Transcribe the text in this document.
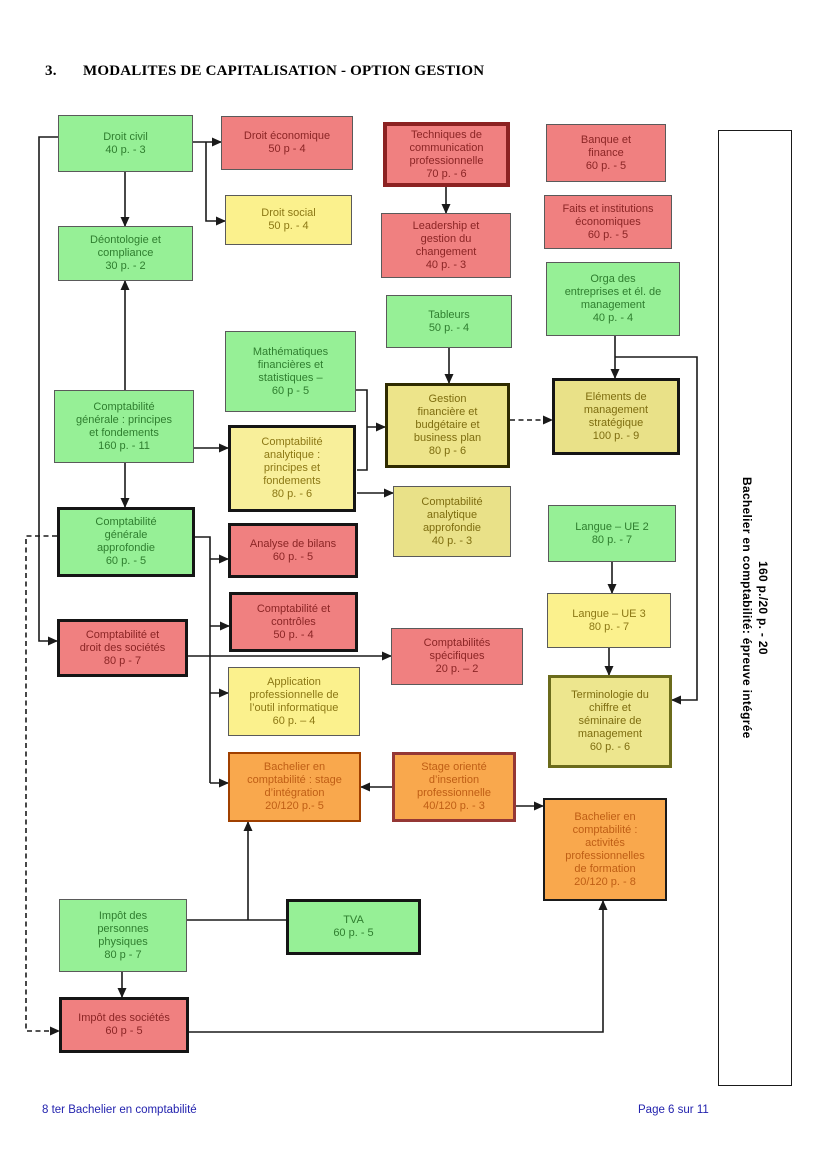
3. MODALITES DE CAPITALISATION - OPTION GESTION
Droit civil
40 p. - 3
Droit économique
50 p - 4
Droit social
50 p. - 4
Déontologie et
compliance
30 p. - 2
Techniques de
communication
professionnelle
70 p. - 6
Banque et
finance
60 p. - 5
Leadership et
gestion du
changement
40 p. - 3
Faits et institutions
économiques
60 p. - 5
Orga des
entreprises et él. de
management
40 p. - 4
Tableurs
50 p. - 4
Mathématiques
financières et
statistiques –
60 p - 5
Comptabilité
générale : principes
et fondements
160 p. - 11	Comptabilité
analytique :
principes et
fondements
80 p. - 6
Gestion
financière et
budgétaire et
business plan
80 p - 6
Eléments de
management
stratégique
100 p. - 9
Comptabilité
analytique
approfondie
40 p. - 3
Comptabilité
générale
approfondie
60 p. - 5
Analyse de bilans
60 p. - 5
Langue – UE 2
80 p. - 7
Comptabilité et
contrôles
50 p. - 4
Langue – UE 3
80 p. - 7
Comptabilité et
droit des sociétés
80 p - 7
Comptabilités
spécifiques
20 p. – 2
Application
professionnelle de
l’outil informatique
60 p. – 4
Terminologie du
chiffre et
séminaire de
management
60 p. - 6
Bachelier en
comptabilité : stage
d’intégration
20/120 p.- 5
Stage orienté
d’insertion
professionnelle
40/120 p. - 3
Bachelier en
comptabilité :
activités
professionnelles
de formation
20/120 p. - 8
Impôt des
personnes
physiques
80 p - 7
TVA
60 p. - 5
Impôt des sociétés
60 p - 5
Bachelier en comptabilité: épreuve intégrée 160 p./20 p. - 20
8 ter Bachelier en comptabilité	Page 6 sur 11
